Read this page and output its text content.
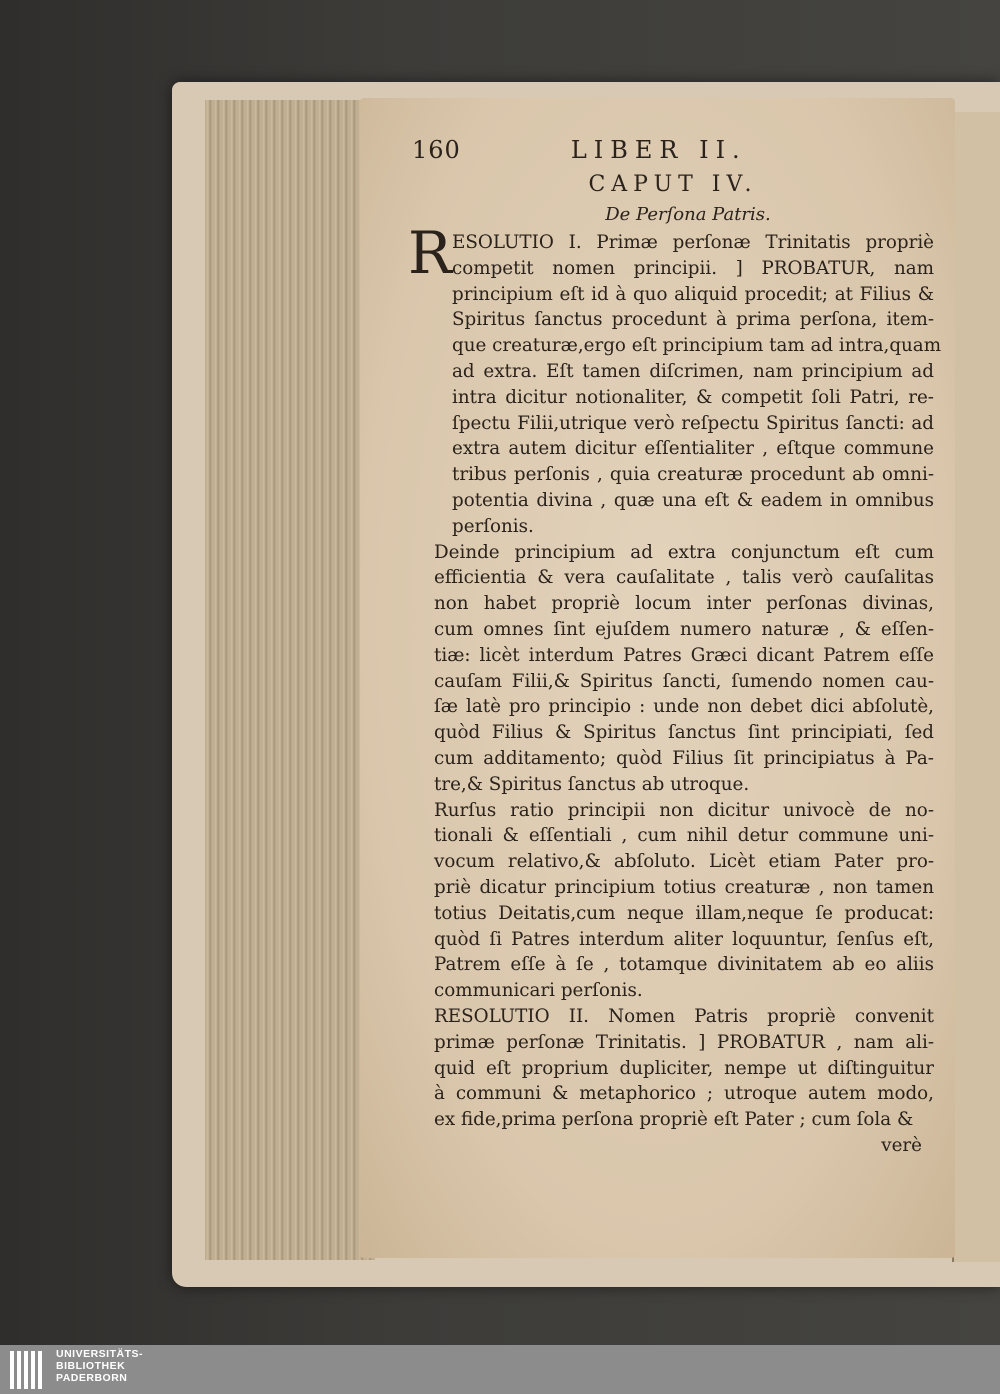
160	LIBER II.
CAPUT IV.
De Perſona Patris.
R ESOLUTIO I. Primæ perſonæ Trinitatis propriè
competit nomen principii. ] PROBATUR, nam
principium eſt id à quo aliquid procedit; at Filius &
Spiritus ſanctus procedunt à prima perſona, item-
que creaturæ,ergo eſt principium tam ad intra,quam
ad extra. Eſt tamen diſcrimen, nam principium ad
intra dicitur notionaliter, & competit ſoli Patri, re-
ſpectu Filii,utrique verò reſpectu Spiritus ſancti: ad
extra autem dicitur eſſentialiter , eſtque commune
tribus perſonis , quia creaturæ procedunt ab omni-
potentia divina , quæ una eſt & eadem in omnibus
perſonis.
Deinde principium ad extra conjunctum eſt cum
efficientia & vera cauſalitate , talis verò cauſalitas
non habet propriè locum inter perſonas divinas,
cum omnes ſint ejuſdem numero naturæ , & eſſen-
tiæ: licèt interdum Patres Græci dicant Patrem eſſe
cauſam Filii,& Spiritus ſancti, ſumendo nomen cau-
ſæ latè pro principio : unde non debet dici abſolutè,
quòd Filius & Spiritus ſanctus ſint principiati, ſed
cum additamento; quòd Filius ſit principiatus à Pa-
tre,& Spiritus ſanctus ab utroque.
Rurſus ratio principii non dicitur univocè de no-
tionali & eſſentiali , cum nihil detur commune uni-
vocum relativo,& abſoluto. Licèt etiam Pater pro-
priè dicatur principium totius creaturæ , non tamen
totius Deitatis,cum neque illam,neque ſe producat:
quòd ſi Patres interdum aliter loquuntur, ſenſus eſt,
Patrem eſſe à ſe , totamque divinitatem ab eo aliis
communicari perſonis.
RESOLUTIO II. Nomen Patris propriè convenit
primæ perſonæ Trinitatis. ] PROBATUR , nam ali-
quid eſt proprium dupliciter, nempe ut diſtinguitur
à communi & metaphorico ; utroque autem modo,
ex fide,prima perſona propriè eſt Pater ; cum ſola &
verè
UNIVERSITÄTS-
BIBLIOTHEK
PADERBORN
